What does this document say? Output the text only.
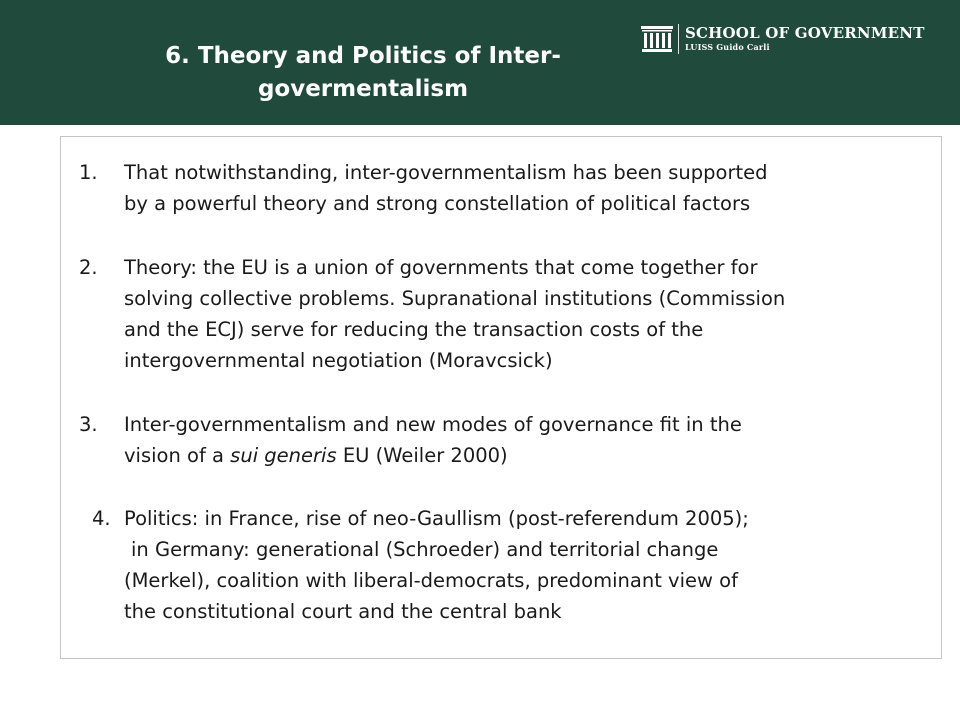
6. Theory and Politics of Inter-
govermentalism
SCHOOL OF GOVERNMENT
LUISS Guido Carli
1. That notwithstanding, inter-governmentalism has been supported
by a powerful theory and strong constellation of political factors
2. Theory: the EU is a union of governments that come together for
solving collective problems. Supranational institutions (Commission
and the ECJ) serve for reducing the transaction costs of the
intergovernmental negotiation (Moravcsick)
3. Inter-governmentalism and new modes of governance fit in the
vision of a sui generis EU (Weiler 2000)
4. Politics: in France, rise of neo-Gaullism (post-referendum 2005);
in Germany: generational (Schroeder) and territorial change
(Merkel), coalition with liberal-democrats, predominant view of
the constitutional court and the central bank
